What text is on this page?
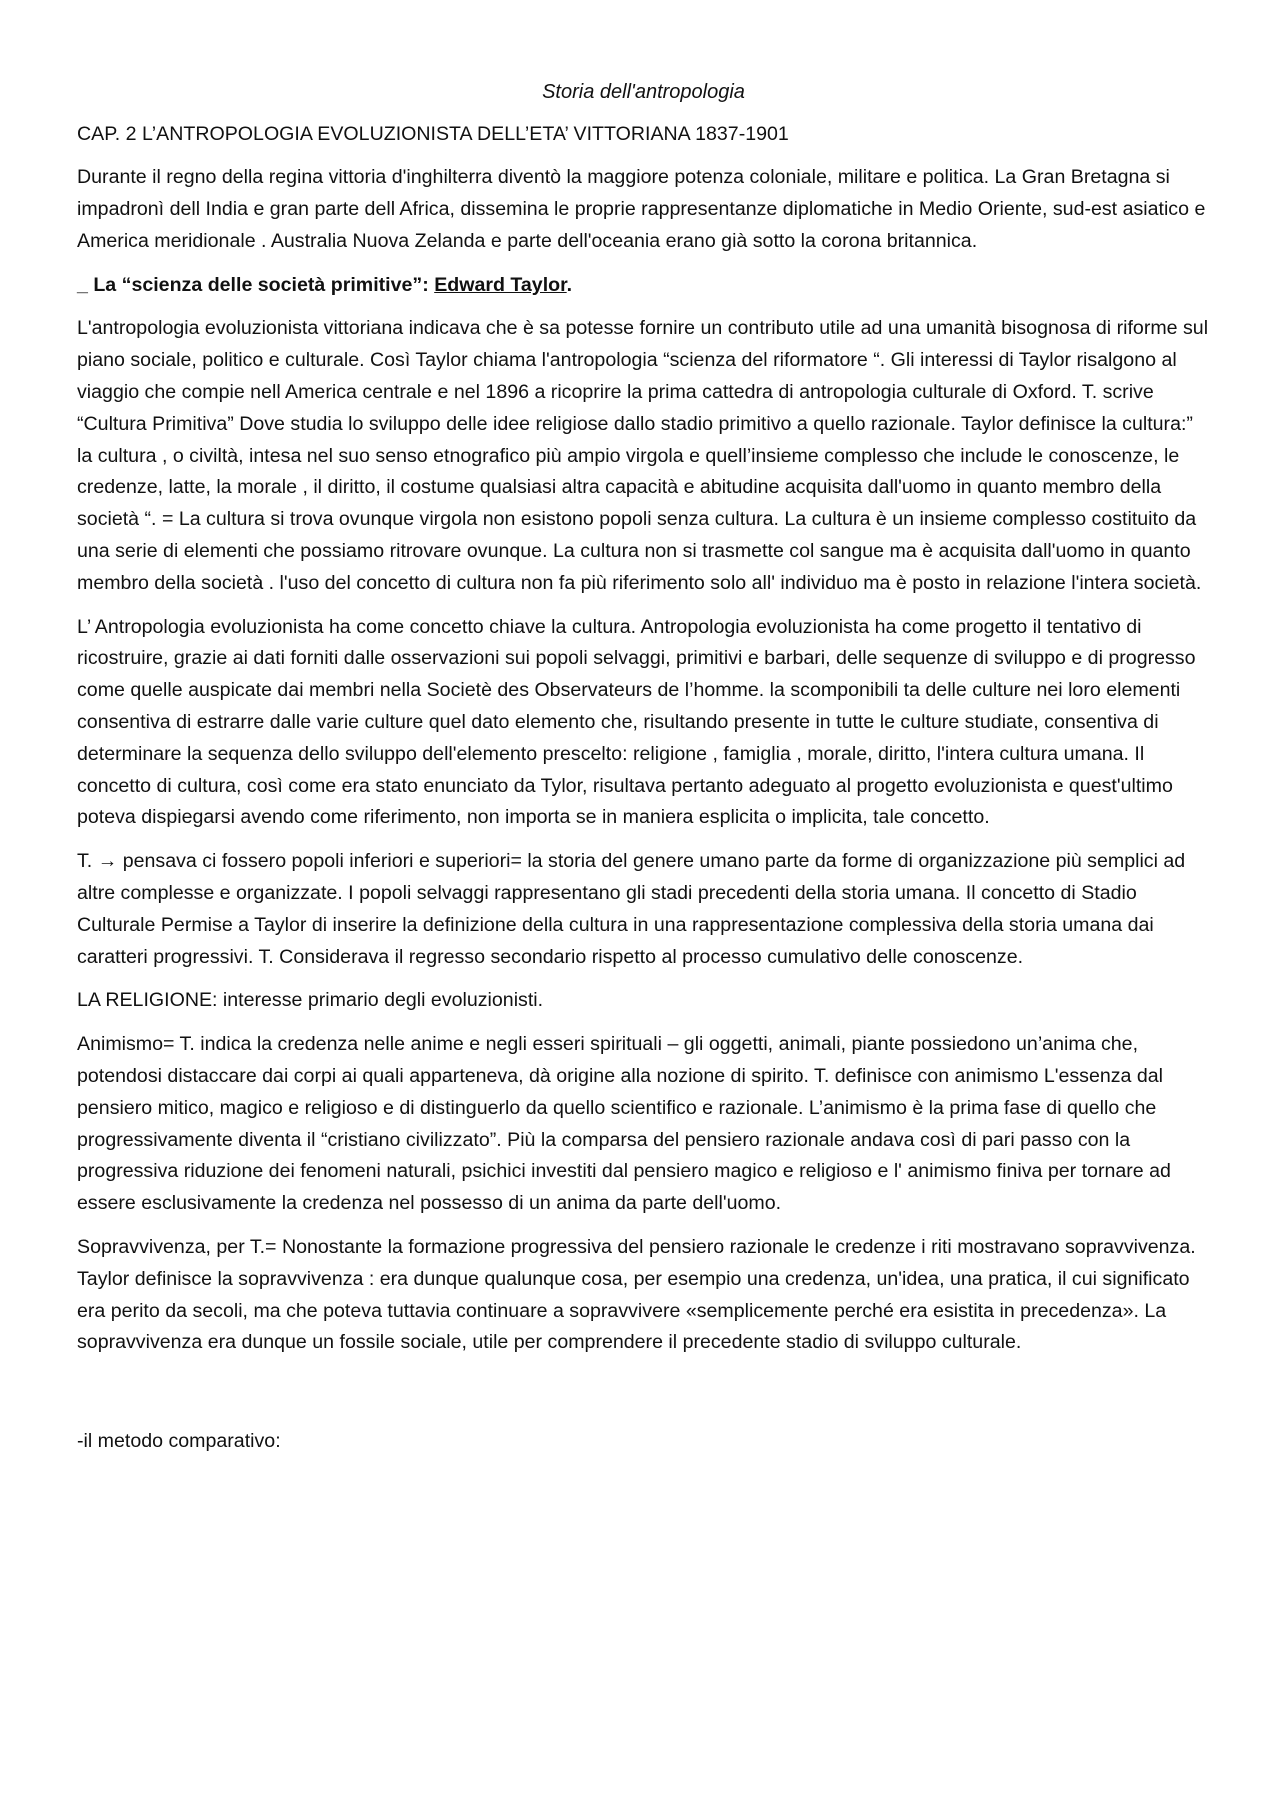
Storia dell'antropologia
CAP. 2 L’ANTROPOLOGIA EVOLUZIONISTA DELL’ETA’ VITTORIANA 1837-1901

Durante il regno della regina vittoria d'inghilterra diventò la maggiore potenza coloniale, militare e politica. La Gran Bretagna si impadronì dell India e gran parte dell Africa, dissemina le proprie rappresentanze diplomatiche in Medio Oriente, sud-est asiatico e America meridionale . Australia Nuova Zelanda e parte dell'oceania erano già sotto la corona britannica.

_ La “scienza delle società primitive”: Edward Taylor.

L'antropologia evoluzionista vittoriana indicava che è sa potesse fornire un contributo utile ad una umanità bisognosa di riforme sul piano sociale, politico e culturale. Così Taylor chiama l'antropologia “scienza del riformatore “. Gli interessi di Taylor risalgono al viaggio che compie nell America centrale e nel 1896 a ricoprire la prima cattedra di antropologia culturale di Oxford. T. scrive “Cultura Primitiva” Dove studia lo sviluppo delle idee religiose dallo stadio primitivo a quello razionale. Taylor definisce la cultura:” la cultura , o civiltà, intesa nel suo senso etnografico più ampio virgola e quell’insieme complesso che include le conoscenze, le credenze, latte, la morale , il diritto, il costume qualsiasi altra capacità e abitudine acquisita dall'uomo in quanto membro della società “. = La cultura si trova ovunque virgola non esistono popoli senza cultura. La cultura è un insieme complesso costituito da una serie di elementi che possiamo ritrovare ovunque. La cultura non si trasmette col sangue ma è acquisita dall'uomo in quanto membro della società . l'uso del concetto di cultura non fa più riferimento solo all' individuo ma è posto in relazione l'intera società.

L’ Antropologia evoluzionista ha come concetto chiave la cultura. Antropologia evoluzionista ha come progetto il tentativo di ricostruire, grazie ai dati forniti dalle osservazioni sui popoli selvaggi, primitivi e barbari, delle sequenze di sviluppo e di progresso come quelle auspicate dai membri nella Societè des Observateurs de l’homme. la scomponibili ta delle culture nei loro elementi consentiva di estrarre dalle varie culture quel dato elemento che, risultando presente in tutte le culture studiate, consentiva di determinare la sequenza dello sviluppo dell'elemento prescelto: religione , famiglia , morale, diritto, l'intera cultura umana. Il concetto di cultura, così come era stato enunciato da Tylor, risultava pertanto adeguato al progetto evoluzionista e quest'ultimo poteva dispiegarsi avendo come riferimento, non importa se in maniera esplicita o implicita, tale concetto.

T. → pensava ci fossero popoli inferiori e superiori= la storia del genere umano parte da forme di organizzazione più semplici ad altre complesse e organizzate. I popoli selvaggi rappresentano gli stadi precedenti della storia umana. Il concetto di Stadio Culturale Permise a Taylor di inserire la definizione della cultura in una rappresentazione complessiva della storia umana dai caratteri progressivi. T. Considerava il regresso secondario rispetto al processo cumulativo delle conoscenze.

LA RELIGIONE: interesse primario degli evoluzionisti.

Animismo= T. indica la credenza nelle anime e negli esseri spirituali – gli oggetti, animali, piante possiedono un’anima che, potendosi distaccare dai corpi ai quali apparteneva, dà origine alla nozione di spirito. T. definisce con animismo L'essenza dal pensiero mitico, magico e religioso e di distinguerlo da quello scientifico e razionale. L’animismo è la prima fase di quello che progressivamente diventa il “cristiano civilizzato”. Più la comparsa del pensiero razionale andava così di pari passo con la progressiva riduzione dei fenomeni naturali, psichici investiti dal pensiero magico e religioso e l' animismo finiva per tornare ad essere esclusivamente la credenza nel possesso di un anima da parte dell'uomo.

Sopravvivenza, per T.= Nonostante la formazione progressiva del pensiero razionale le credenze i riti mostravano sopravvivenza. Taylor definisce la sopravvivenza : era dunque qualunque cosa, per esempio una credenza, un'idea, una pratica, il cui significato era perito da secoli, ma che poteva tuttavia continuare a sopravvivere «semplicemente perché era esistita in precedenza». La sopravvivenza era dunque un fossile sociale, utile per comprendere il precedente stadio di sviluppo culturale.

-il metodo comparativo:
